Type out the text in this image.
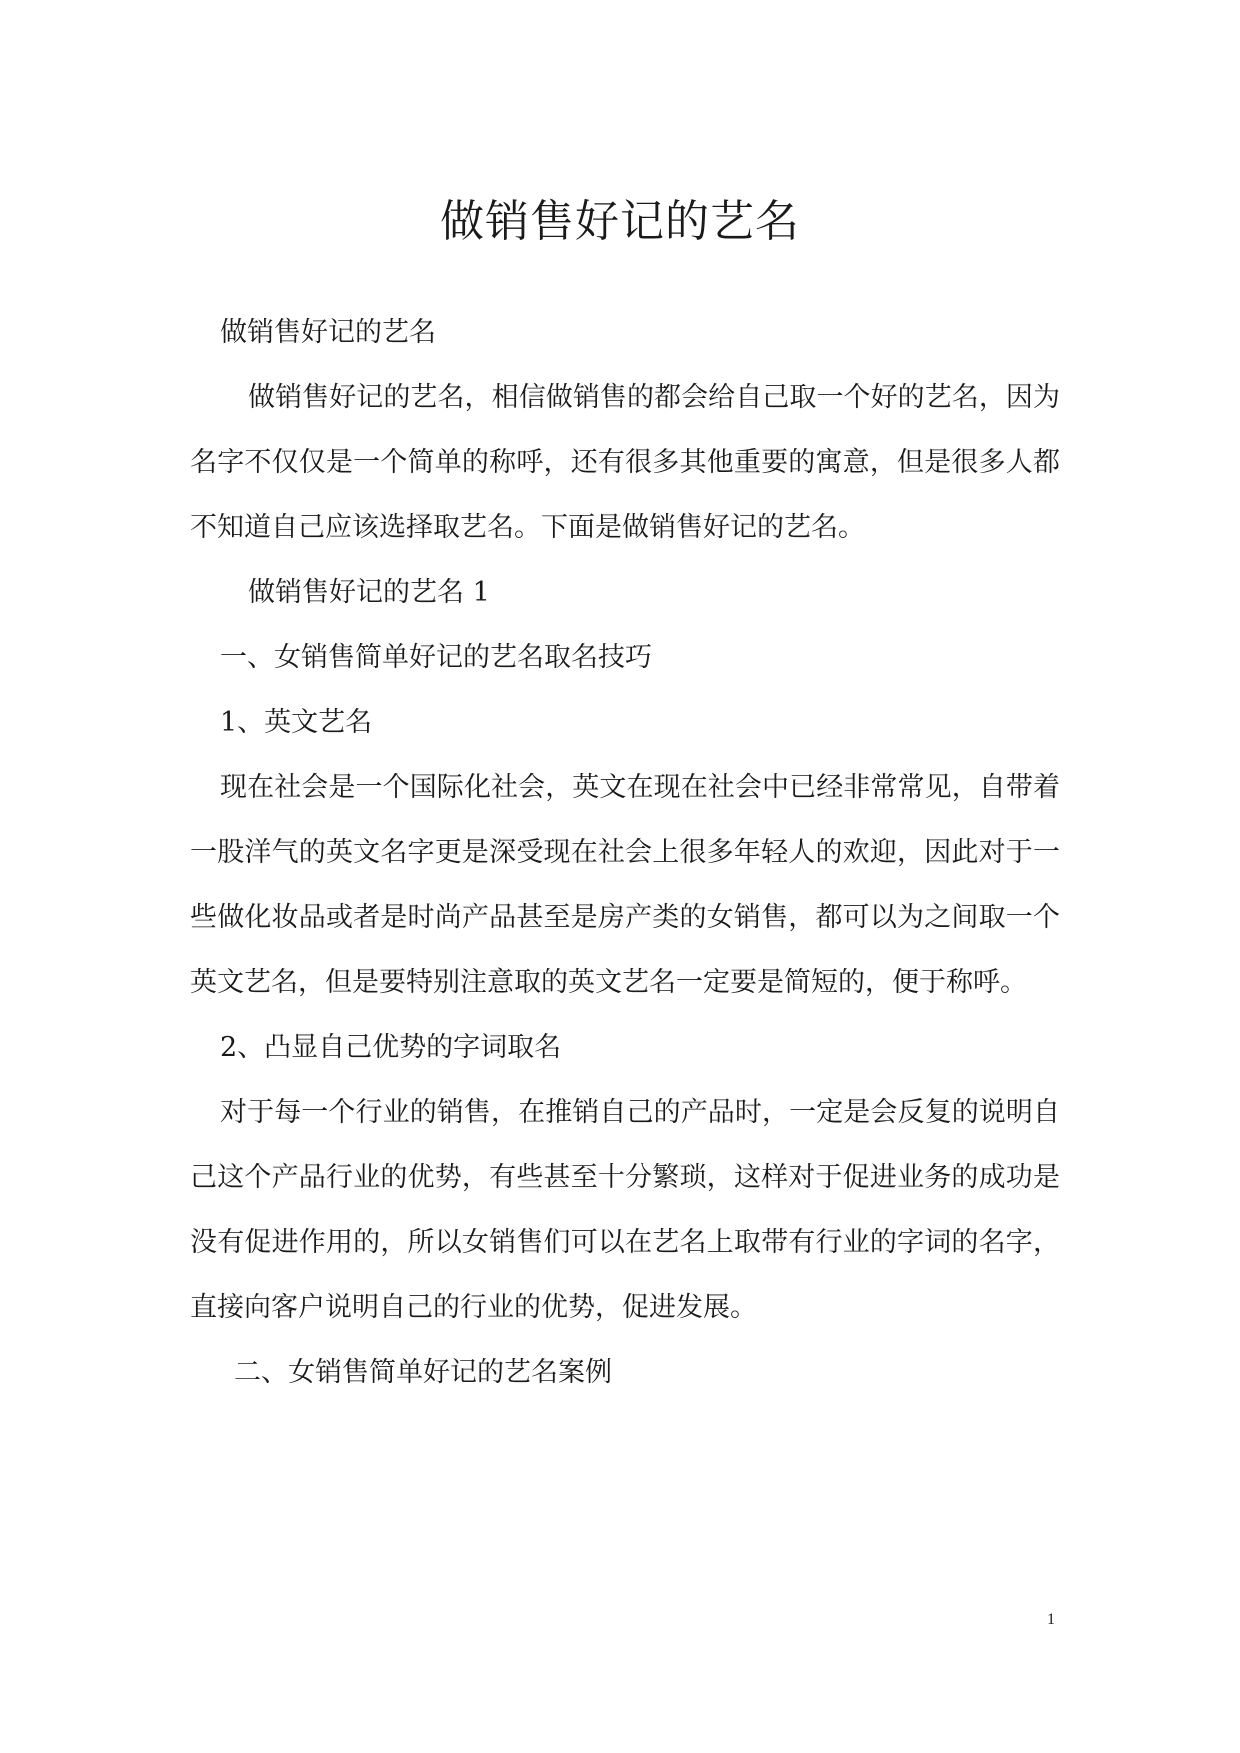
做销售好记的艺名

做销售好记的艺名

做销售好记的艺名，相信做销售的都会给自己取一个好的艺名，因为名字不仅仅是一个简单的称呼，还有很多其他重要的寓意，但是很多人都不知道自己应该选择取艺名。下面是做销售好记的艺名。

做销售好记的艺名 1

一、女销售简单好记的艺名取名技巧

1、英文艺名

现在社会是一个国际化社会，英文在现在社会中已经非常常见，自带着一股洋气的英文名字更是深受现在社会上很多年轻人的欢迎，因此对于一些做化妆品或者是时尚产品甚至是房产类的女销售，都可以为之间取一个英文艺名，但是要特别注意取的英文艺名一定要是简短的，便于称呼。

2、凸显自己优势的字词取名

对于每一个行业的销售，在推销自己的产品时，一定是会反复的说明自己这个产品行业的优势，有些甚至十分繁琐，这样对于促进业务的成功是没有促进作用的，所以女销售们可以在艺名上取带有行业的字词的名字，直接向客户说明自己的行业的优势，促进发展。

二、女销售简单好记的艺名案例

1
